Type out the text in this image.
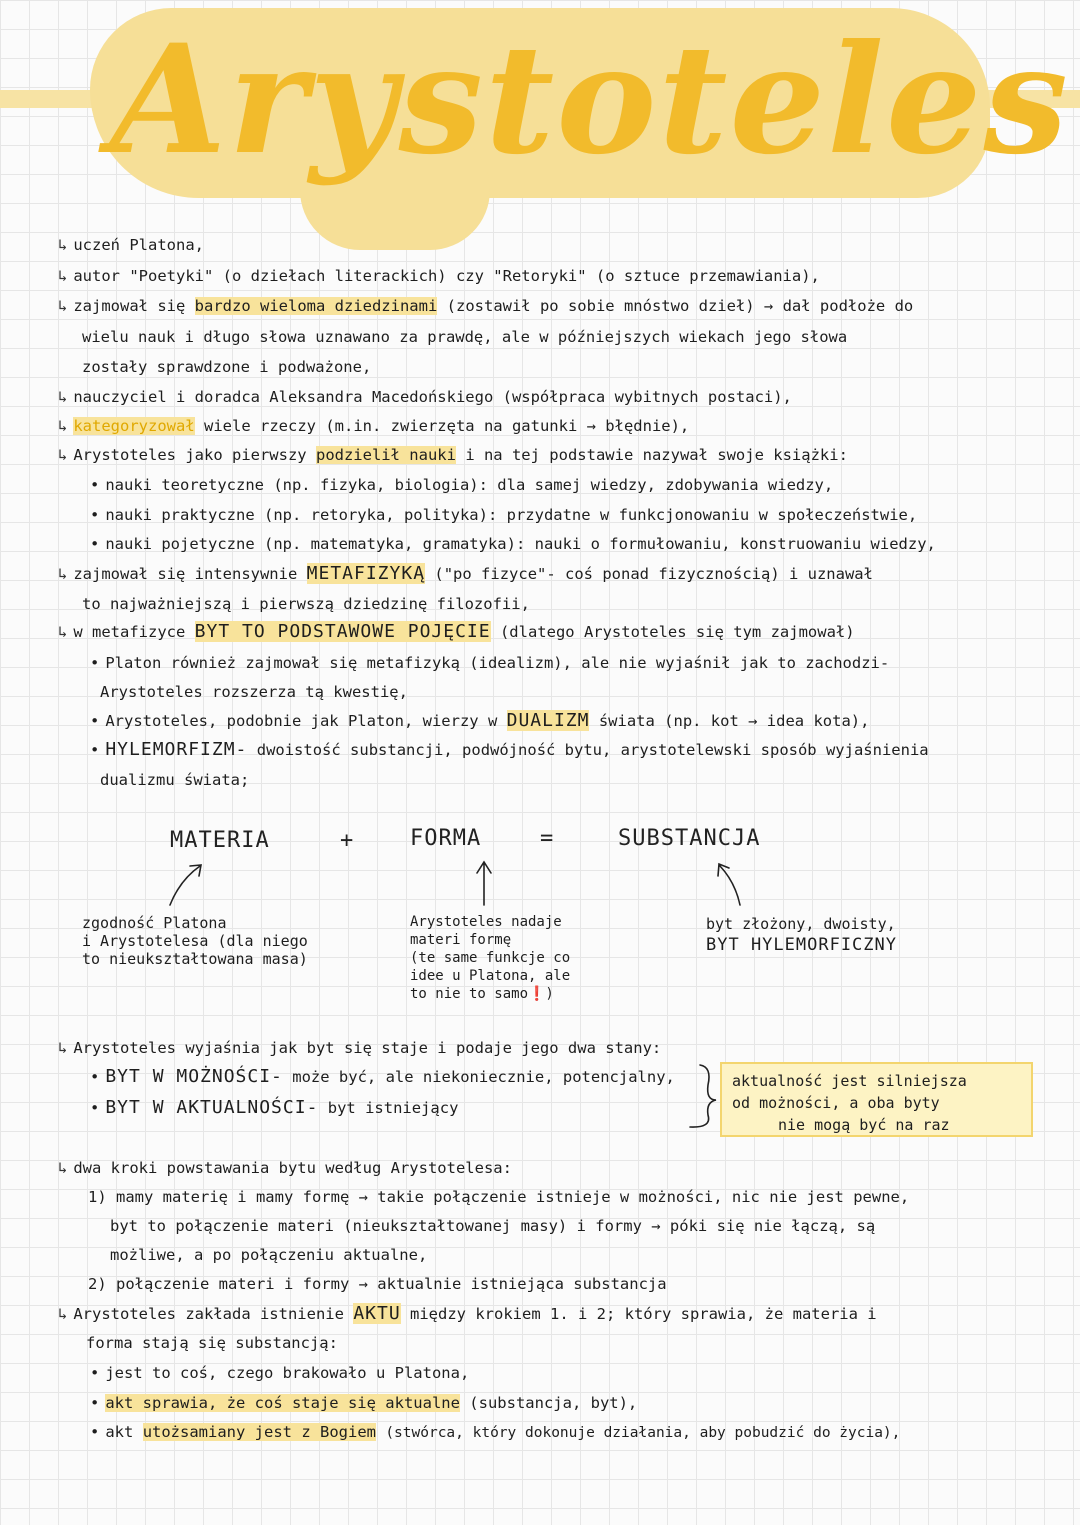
Arystoteles
↳ uczeń Platona,
↳ autor "Poetyki" (o dziełach literackich) czy "Retoryki" (o sztuce przemawiania),
↳ zajmował się bardzo wieloma dziedzinami (zostawił po sobie mnóstwo dzieł) → dał podłoże do
wielu nauk i długo słowa uznawano za prawdę, ale w późniejszych wiekach jego słowa
zostały sprawdzone i podważone,
↳ nauczyciel i doradca Aleksandra Macedońskiego (współpraca wybitnych postaci),
↳ kategoryzował wiele rzeczy (m.in. zwierzęta na gatunki → błędnie),
↳ Arystoteles jako pierwszy podzielił nauki i na tej podstawie nazywał swoje książki:
• nauki teoretyczne (np. fizyka, biologia): dla samej wiedzy, zdobywania wiedzy,
• nauki praktyczne (np. retoryka, polityka): przydatne w funkcjonowaniu w społeczeństwie,
• nauki pojetyczne (np. matematyka, gramatyka): nauki o formułowaniu, konstruowaniu wiedzy,
↳ zajmował się intensywnie METAFIZYKĄ ("po fizyce"- coś ponad fizycznością) i uznawał
to najważniejszą i pierwszą dziedzinę filozofii,
↳ w metafizyce BYT TO PODSTAWOWE POJĘCIE (dlatego Arystoteles się tym zajmował)
• Platon również zajmował się metafizyką (idealizm), ale nie wyjaśnił jak to zachodzi-
Arystoteles rozszerza tą kwestię,
• Arystoteles, podobnie jak Platon, wierzy w DUALIZM świata (np. kot → idea kota),
• HYLEMORFIZM- dwoistość substancji, podwójność bytu, arystotelewski sposób wyjaśnienia
dualizmu świata;
MATERIA	+	FORMA	=	SUBSTANCJA
zgodność Platona
i Arystotelesa (dla niego
to nieukształtowana masa)
Arystoteles nadaje
materi formę
(te same funkcje co
idee u Platona, ale
to nie to samo❗)
byt złożony, dwoisty,
BYT HYLEMORFICZNY
↳ Arystoteles wyjaśnia jak byt się staje i podaje jego dwa stany:
• BYT W MOŻNOŚCI- może być, ale niekoniecznie, potencjalny,
• BYT W AKTUALNOŚCI- byt istniejący
aktualność jest silniejsza
od możności, a oba byty
nie mogą być na raz
↳ dwa kroki powstawania bytu według Arystotelesa:
1) mamy materię i mamy formę → takie połączenie istnieje w możności, nic nie jest pewne,
byt to połączenie materi (nieukształtowanej masy) i formy → póki się nie łączą, są
możliwe, a po połączeniu aktualne,
2) połączenie materi i formy → aktualnie istniejąca substancja
↳ Arystoteles zakłada istnienie AKTU między krokiem 1. i 2; który sprawia, że materia i
forma stają się substancją:
• jest to coś, czego brakowało u Platona,
• akt sprawia, że coś staje się aktualne (substancja, byt),
• akt utożsamiany jest z Bogiem (stwórca, który dokonuje działania, aby pobudzić do życia),
